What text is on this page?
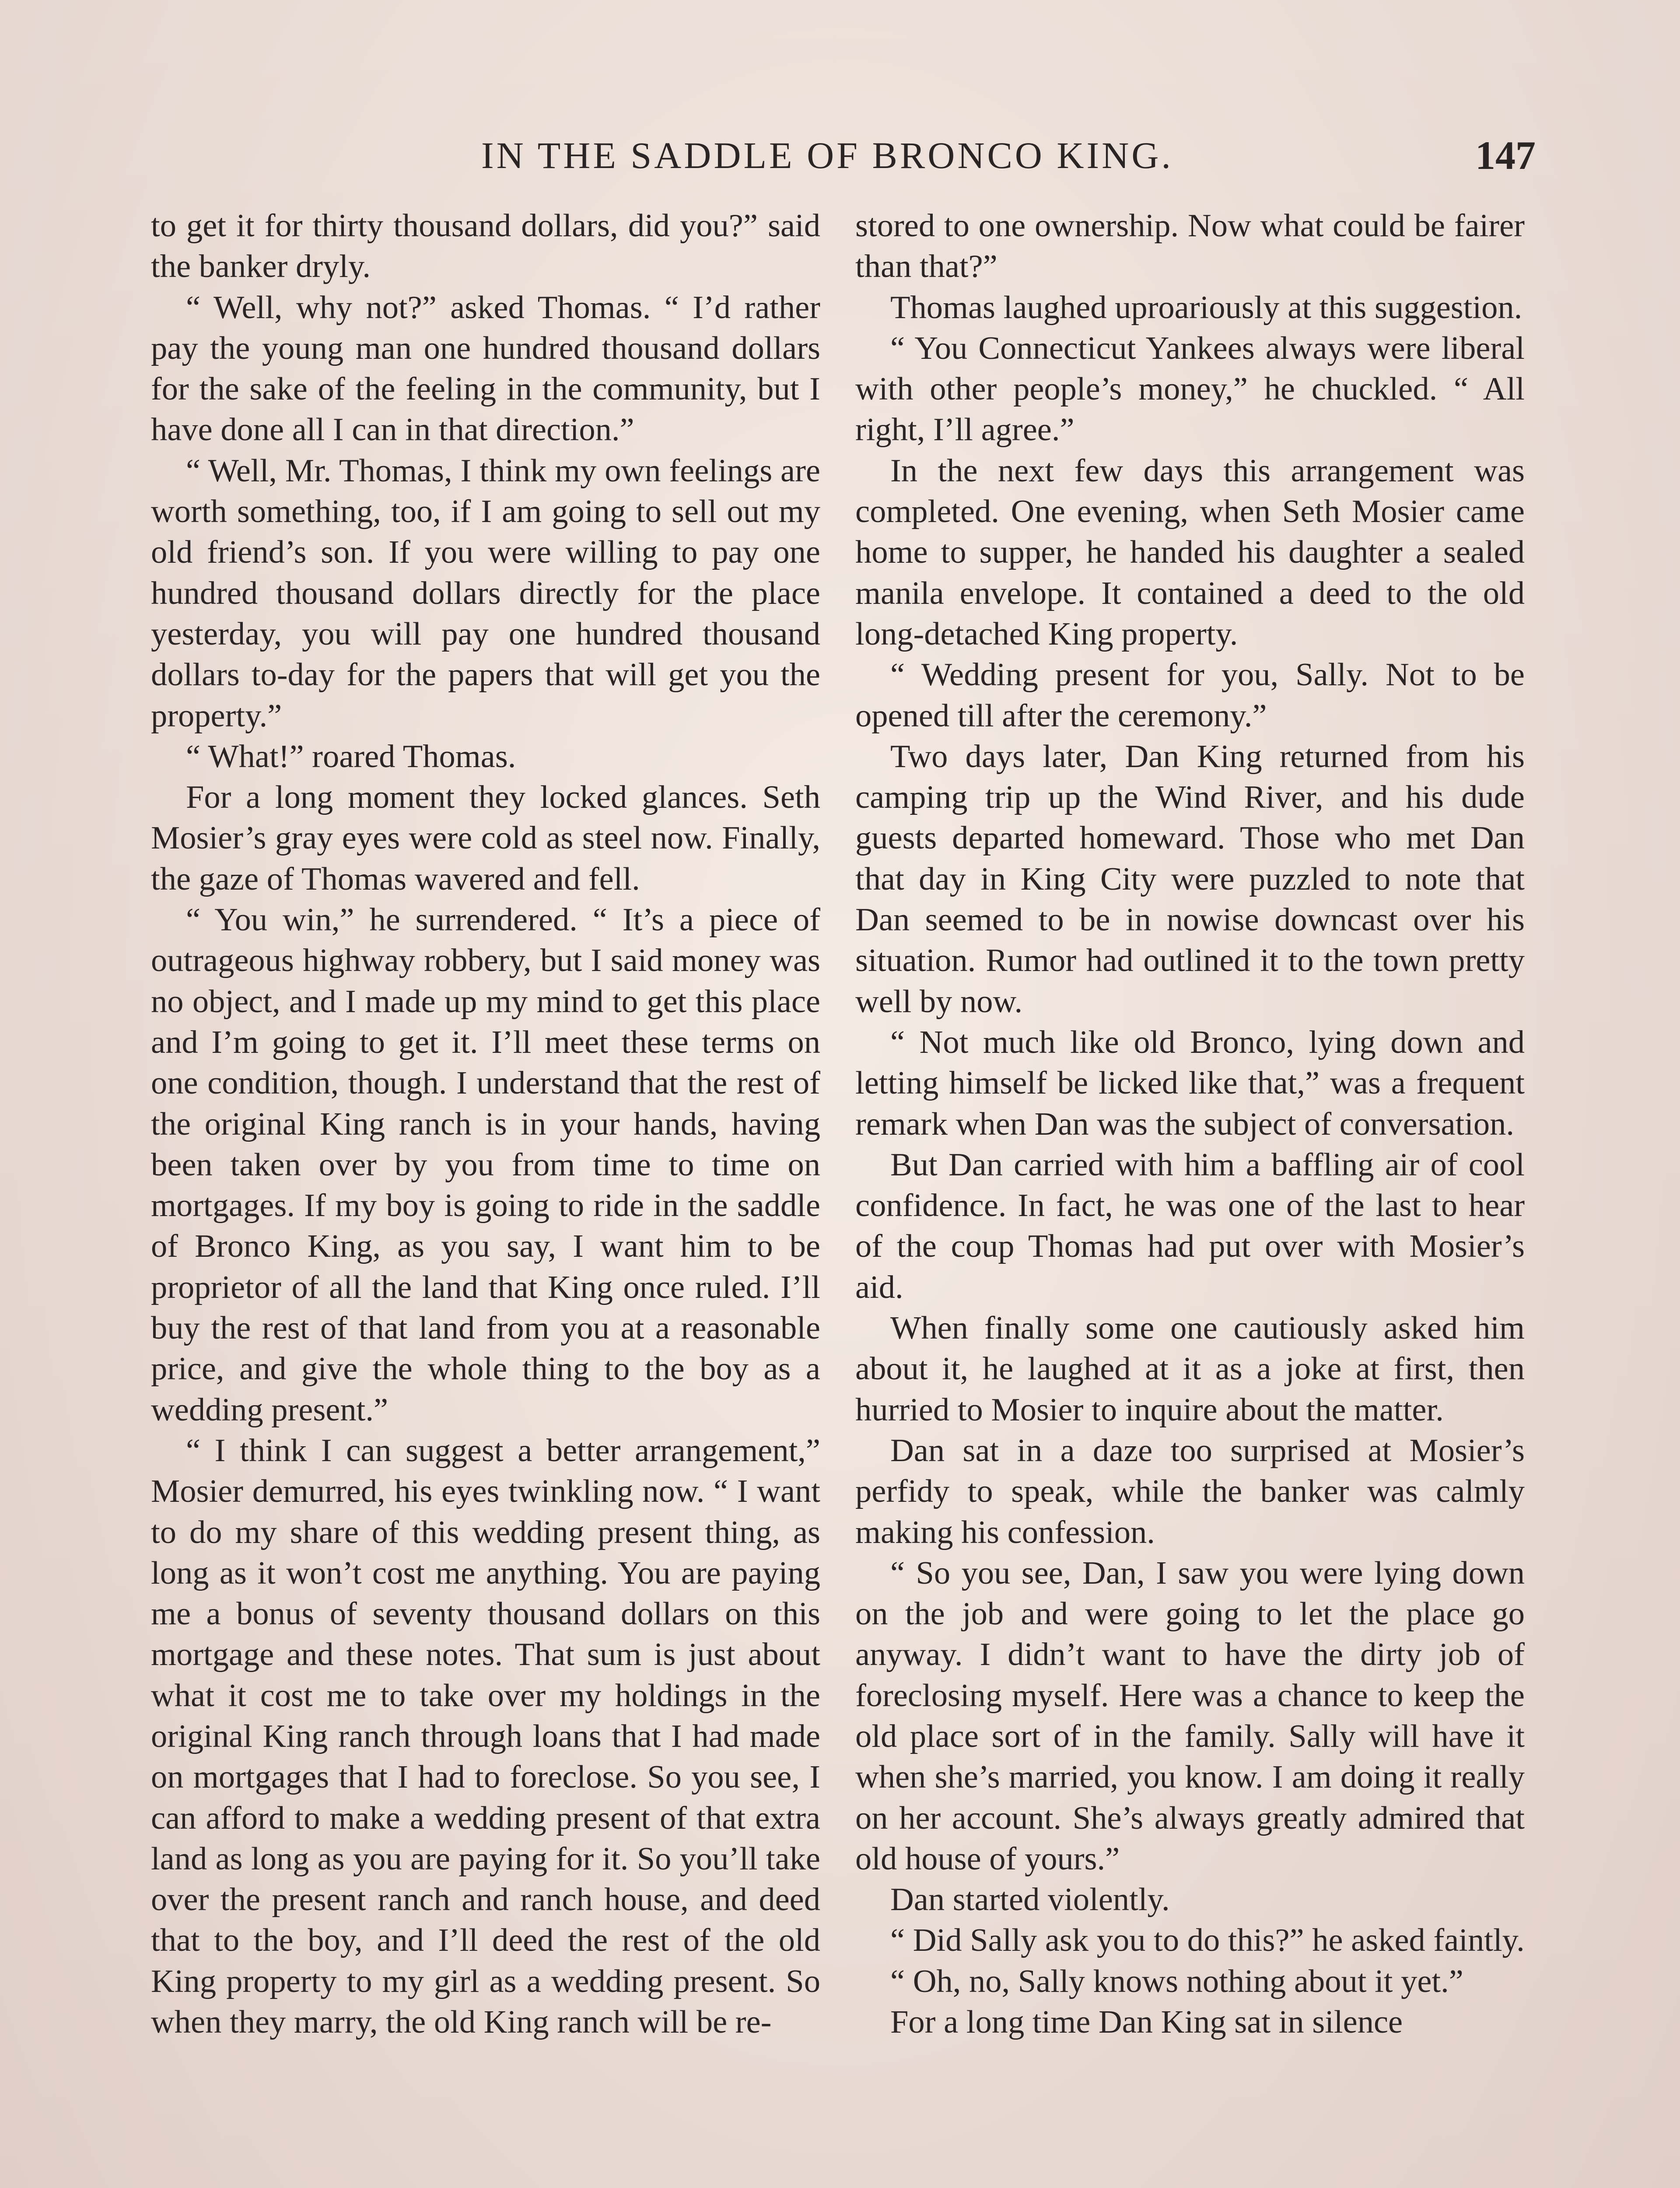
IN THE SADDLE OF BRONCO KING.	147

to get it for thirty thousand dollars, did you?” said the banker dryly.

“ Well, why not?” asked Thomas. “ I’d rather pay the young man one hundred thousand dollars for the sake of the feeling in the community, but I have done all I can in that direction.”

“ Well, Mr. Thomas, I think my own feelings are worth something, too, if I am going to sell out my old friend’s son. If you were willing to pay one hundred thousand dollars directly for the place yesterday, you will pay one hundred thousand dollars to-day for the papers that will get you the property.”

“ What!” roared Thomas.

For a long moment they locked glances. Seth Mosier’s gray eyes were cold as steel now. Finally, the gaze of Thomas wavered and fell.

“ You win,” he surrendered. “ It’s a piece of outrageous highway robbery, but I said money was no object, and I made up my mind to get this place and I’m going to get it. I’ll meet these terms on one condition, though. I understand that the rest of the original King ranch is in your hands, having been taken over by you from time to time on mortgages. If my boy is going to ride in the saddle of Bronco King, as you say, I want him to be proprietor of all the land that King once ruled. I’ll buy the rest of that land from you at a reasonable price, and give the whole thing to the boy as a wedding present.”

“ I think I can suggest a better arrangement,” Mosier demurred, his eyes twinkling now. “ I want to do my share of this wedding present thing, as long as it won’t cost me anything. You are paying me a bonus of seventy thousand dollars on this mortgage and these notes. That sum is just about what it cost me to take over my holdings in the original King ranch through loans that I had made on mortgages that I had to foreclose. So you see, I can afford to make a wedding present of that extra land as long as you are paying for it. So you’ll take over the present ranch and ranch house, and deed that to the boy, and I’ll deed the rest of the old King property to my girl as a wedding present. So when they marry, the old King ranch will be re-

stored to one ownership. Now what could be fairer than that?”

Thomas laughed uproariously at this suggestion.

“ You Connecticut Yankees always were liberal with other people’s money,” he chuckled. “ All right, I’ll agree.”

In the next few days this arrangement was completed. One evening, when Seth Mosier came home to supper, he handed his daughter a sealed manila envelope. It contained a deed to the old long-detached King property.

“ Wedding present for you, Sally. Not to be opened till after the ceremony.”

Two days later, Dan King returned from his camping trip up the Wind River, and his dude guests departed homeward. Those who met Dan that day in King City were puzzled to note that Dan seemed to be in nowise downcast over his situation. Rumor had outlined it to the town pretty well by now.

“ Not much like old Bronco, lying down and letting himself be licked like that,” was a frequent remark when Dan was the subject of conversation.

But Dan carried with him a baffling air of cool confidence. In fact, he was one of the last to hear of the coup Thomas had put over with Mosier’s aid.

When finally some one cautiously asked him about it, he laughed at it as a joke at first, then hurried to Mosier to inquire about the matter.

Dan sat in a daze too surprised at Mosier’s perfidy to speak, while the banker was calmly making his confession.

“ So you see, Dan, I saw you were lying down on the job and were going to let the place go anyway. I didn’t want to have the dirty job of foreclosing myself. Here was a chance to keep the old place sort of in the family. Sally will have it when she’s married, you know. I am doing it really on her account. She’s always greatly admired that old house of yours.”

Dan started violently.

“ Did Sally ask you to do this?” he asked faintly.

“ Oh, no, Sally knows nothing about it yet.”

For a long time Dan King sat in silence
